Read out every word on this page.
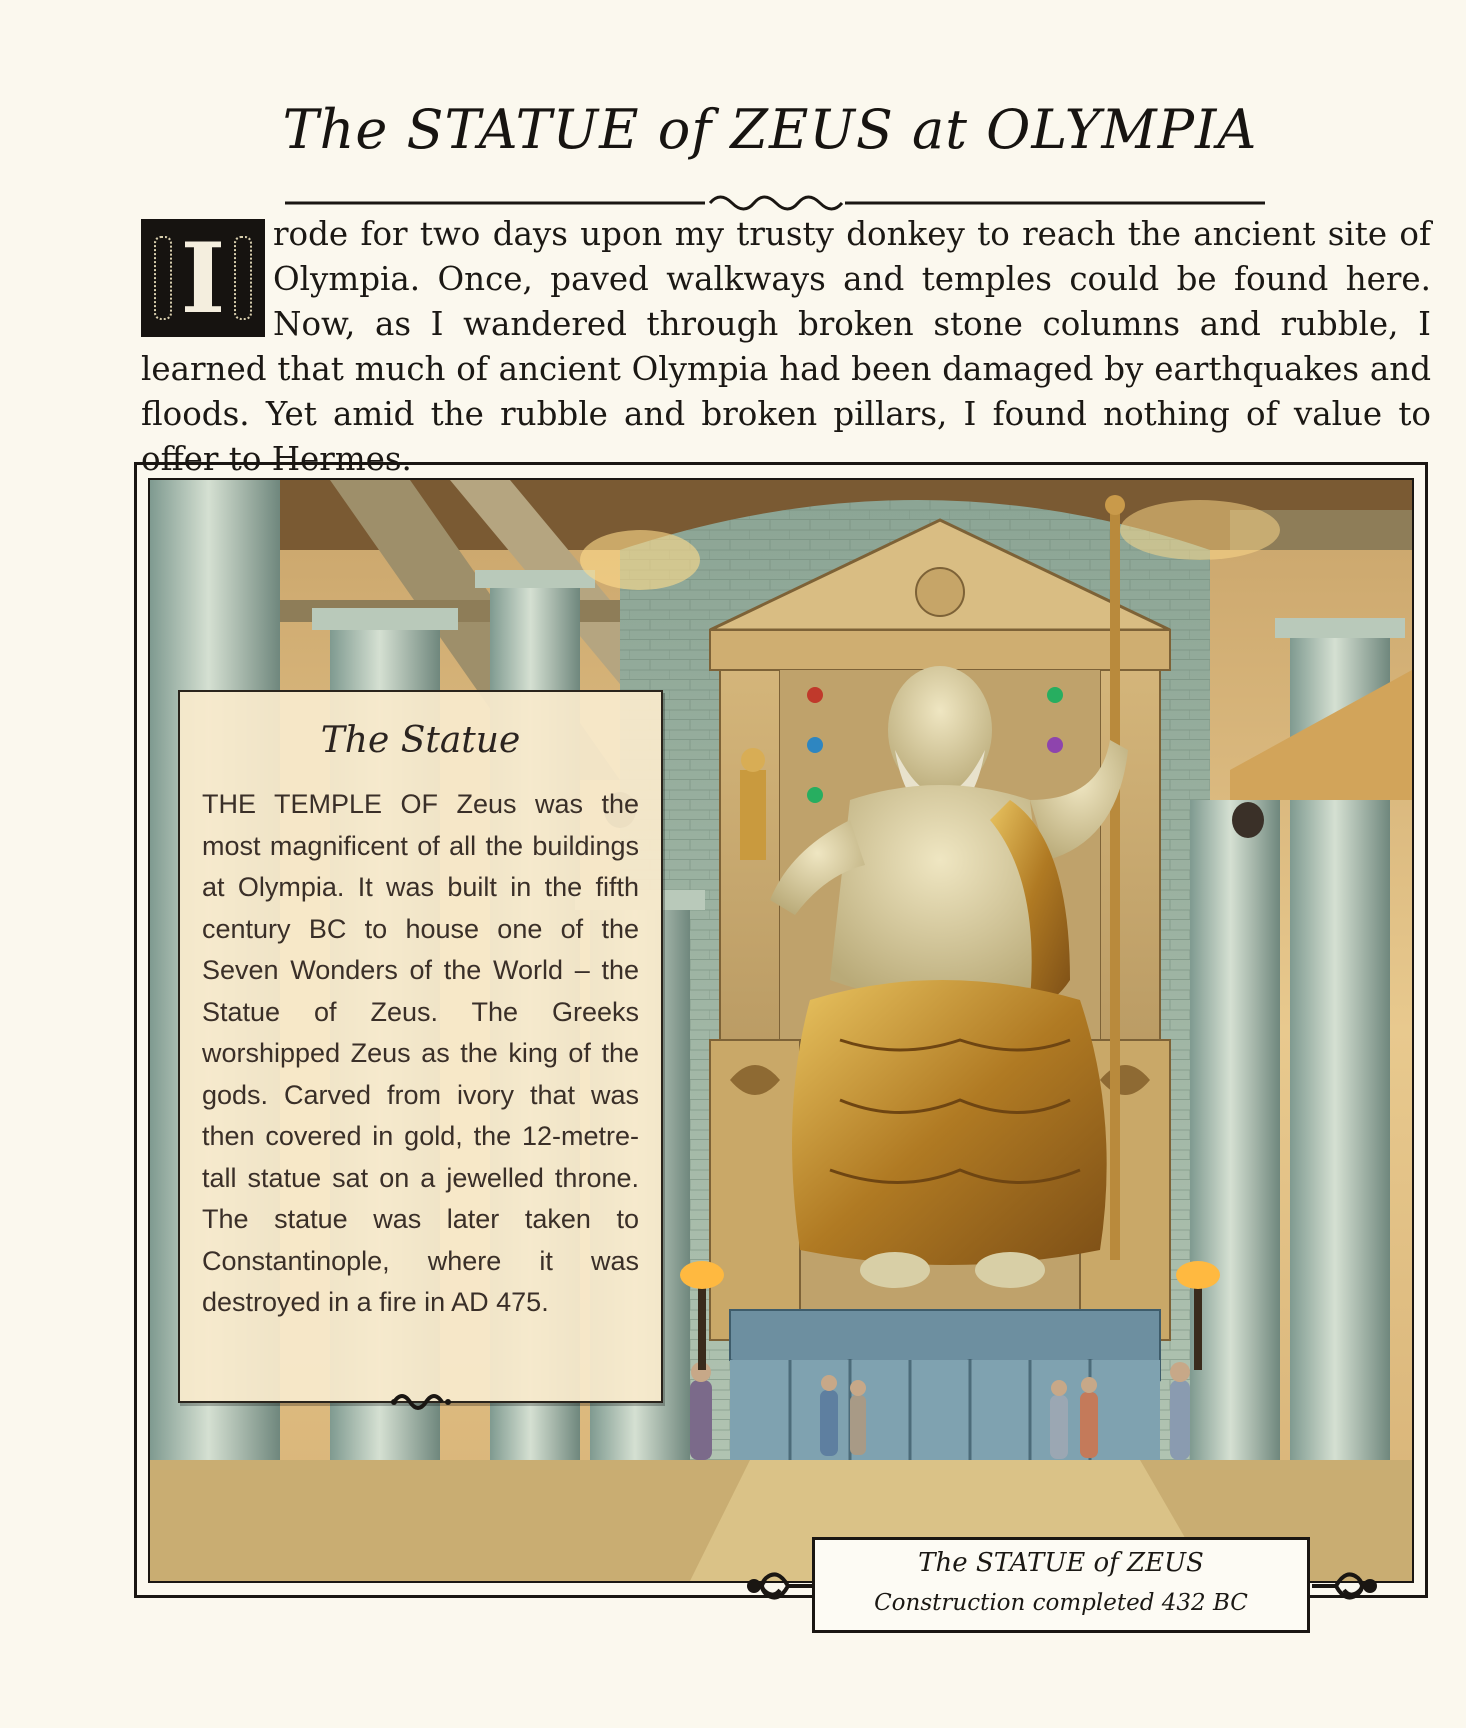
The STATUE of ZEUS at OLYMPIA
I	rode for two days upon my trusty donkey to reach the ancient site of Olympia. Once, paved walkways and temples could be found here. Now, as I wandered through broken stone columns and rubble, I learned that much of ancient Olympia had been damaged by earthquakes and floods. Yet amid the rubble and broken pillars, I found nothing of value to offer to Hermes.
The Statue
THE TEMPLE OF Zeus was the most magnificent of all the buildings at Olympia. It was built in the fifth century BC to house one of the Seven Wonders of the World – the Statue of Zeus. The Greeks worshipped Zeus as the king of the gods. Carved from ivory that was then covered in gold, the 12-metre-tall statue sat on a jewelled throne. The statue was later taken to Constantinople, where it was destroyed in a fire in AD 475.
The STATUE of ZEUS
Construction completed 432 BC
